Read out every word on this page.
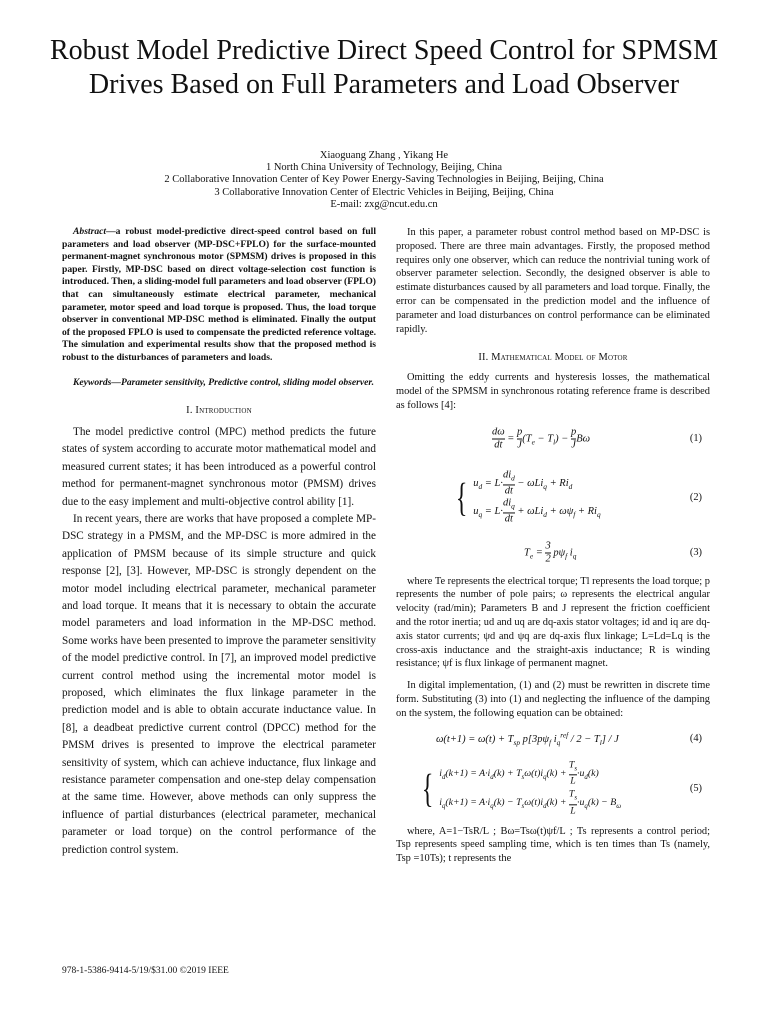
Robust Model Predictive Direct Speed Control for SPMSM Drives Based on Full Parameters and Load Observer
Xiaoguang Zhang , Yikang He
1 North China University of Technology, Beijing, China
2 Collaborative Innovation Center of Key Power Energy-Saving Technologies in Beijing, Beijing, China
3 Collaborative Innovation Center of Electric Vehicles in Beijing, Beijing, China
E-mail: zxg@ncut.edu.cn

Abstract—a robust model-predictive direct-speed control based on full parameters and load observer (MP-DSC+FPLO) for the surface-mounted permanent-magnet synchronous motor (SPMSM) drives is proposed in this paper. Firstly, MP-DSC based on direct voltage-selection cost function is introduced. Then, a sliding-model full parameters and load observer (FPLO) that can simultaneously estimate electrical parameter, mechanical parameter, motor speed and load torque is proposed. Thus, the load torque observer in conventional MP-DSC method is eliminated. Finally the output of the proposed FPLO is used to compensate the predicted reference voltage. The simulation and experimental results show that the proposed method is robust to the disturbances of parameters and loads.

Keywords—Parameter sensitivity, Predictive control, sliding model observer.

I. Introduction

The model predictive control (MPC) method predicts the future states of system according to accurate motor mathematical model and measured current states; it has been introduced as a powerful control method for permanent-magnet synchronous motor (PMSM) drives due to the easy implement and multi-objective control ability [1].

In recent years, there are works that have proposed a complete MP-DSC strategy in a PMSM, and the MP-DSC is more admired in the application of PMSM because of its simple structure and quick response [2], [3]. However, MP-DSC is strongly dependent on the motor model including electrical parameter, mechanical parameter and load torque. It means that it is necessary to obtain the accurate model parameters and load information in the MP-DSC method. Some works have been presented to improve the parameter sensitivity of the model predictive control. In [7], an improved model predictive current control method using the incremental motor model is proposed, which eliminates the flux linkage parameter in the prediction model and is able to obtain accurate inductance value. In [8], a deadbeat predictive current control (DPCC) method for the PMSM drives is presented to improve the electrical parameter sensitivity of system, which can achieve inductance, flux linkage and resistance parameter compensation and one-step delay compensation at the same time. However, above methods can only suppress the influence of partial disturbances (electrical parameter, mechanical parameter or load torque) on the control performance of the prediction control system.

In this paper, a parameter robust control method based on MP-DSC is proposed. There are three main advantages. Firstly, the proposed method requires only one observer, which can reduce the nontrivial tuning work of observer parameter selection. Secondly, the designed observer is able to estimate disturbances caused by all parameters and load torque. Finally, the error can be compensated in the prediction model and the influence of parameter and load disturbances on control performance can be eliminated rapidly.

II. Mathematical Model of Motor

Omitting the eddy currents and hysteresis losses, the mathematical model of the SPMSM in synchronous rotating reference frame is described as follows [4]:

$\frac{d\omega}{dt} = \frac{p}{J} (T_e - T_l) - \frac{p}{J}$ Bω	(1)
{ $u_d = L\cdot \frac{di_d}{dt} - \omega Li_q + Ri_d$
$u_q = L\cdot \frac{di_q}{dt} + \omega Li_d + \omega\psi_f + Ri_q$
(2)
$T_e = \frac{3}{2} p\psi_f$ $i_q$	(3)

where Te represents the electrical torque; Tl represents the load torque; p represents the number of pole pairs; ω represents the electrical angular velocity (rad/min); Parameters B and J represent the friction coefficient and the rotor inertia; ud and uq are dq-axis stator voltages; id and iq are dq-axis stator currents; ψd and ψq are dq-axis flux linkage; L=Ld=Lq is the cross-axis inductance and the straight-axis inductance; R is winding resistance; ψf is flux linkage of permanent magnet.

In digital implementation, (1) and (2) must be rewritten in discrete time form. Substituting (3) into (1) and neglecting the influence of the damping on the system, the following equation can be obtained:

$\omega(t+1) = \omega(t) + T_{sp}$ $p[3p\psi_f$ $i_q^{ref} / 2 - T_l] / J$	(4)
{ $i_d(k+1) = A\cdot i_d(k) + T_s\omega(t)i_q(k) + \frac{T_s}{L} \cdot u_d(k)$
$i_q(k+1) = A\cdot i_q(k) - T_s\omega(t)i_d(k) + \frac{T_s}{L} \cdot u_q(k) - B_\omega$
(5)

where, A=1−TsR/L ; Bω=Tsω(t)ψf/L ; Ts represents a control period; Tsp represents speed sampling time, which is ten times than Ts (namely, Tsp =10Ts); t represents the

978-1-5386-9414-5/19/$31.00 ©2019 IEEE
